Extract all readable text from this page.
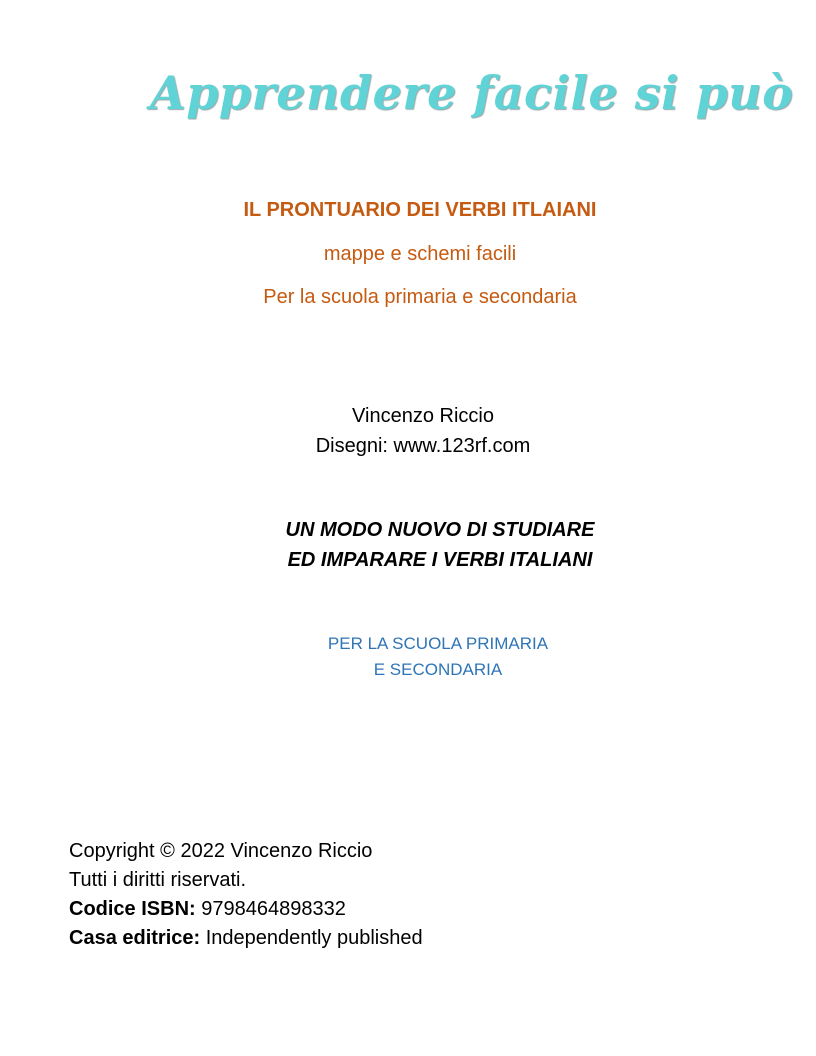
Apprendere facile si può
IL PRONTUARIO DEI VERBI ITLAIANI
mappe e schemi facili
Per la scuola primaria e secondaria
Vincenzo Riccio
Disegni: www.123rf.com
UN MODO NUOVO DI STUDIARE
ED IMPARARE I VERBI ITALIANI
PER LA SCUOLA PRIMARIA
E SECONDARIA
Copyright © 2022 Vincenzo Riccio
Tutti i diritti riservati.
Codice ISBN: 9798464898332
Casa editrice: Independently published
